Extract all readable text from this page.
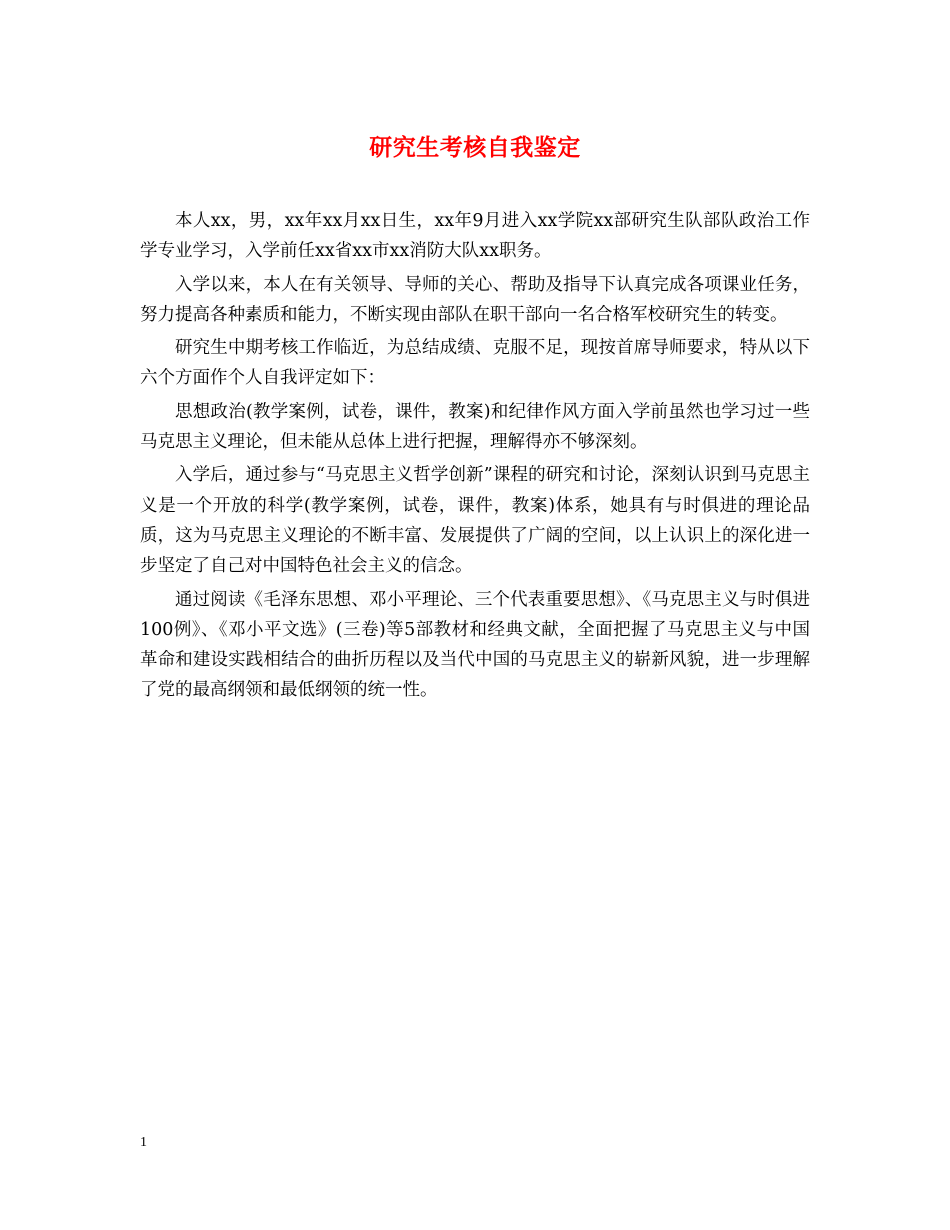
研究生考核自我鉴定

本人xx，男，xx年xx月xx日生，xx年9月进入xx学院xx部研究生队部队政治工作学专业学习，入学前任xx省xx市xx消防大队xx职务。

入学以来，本人在有关领导、导师的关心、帮助及指导下认真完成各项课业任务，努力提高各种素质和能力，不断实现由部队在职干部向一名合格军校研究生的转变。

研究生中期考核工作临近，为总结成绩、克服不足，现按首席导师要求，特从以下六个方面作个人自我评定如下：

思想政治(教学案例，试卷，课件，教案)和纪律作风方面入学前虽然也学习过一些马克思主义理论，但未能从总体上进行把握，理解得亦不够深刻。

入学后，通过参与“马克思主义哲学创新”课程的研究和讨论，深刻认识到马克思主义是一个开放的科学(教学案例，试卷，课件，教案)体系，她具有与时俱进的理论品质，这为马克思主义理论的不断丰富、发展提供了广阔的空间，以上认识上的深化进一步坚定了自己对中国特色社会主义的信念。

通过阅读《毛泽东思想、邓小平理论、三个代表重要思想》、《马克思主义与时俱进100例》、《邓小平文选》(三卷)等5部教材和经典文献，全面把握了马克思主义与中国革命和建设实践相结合的曲折历程以及当代中国的马克思主义的崭新风貌，进一步理解了党的最高纲领和最低纲领的统一性。

1
